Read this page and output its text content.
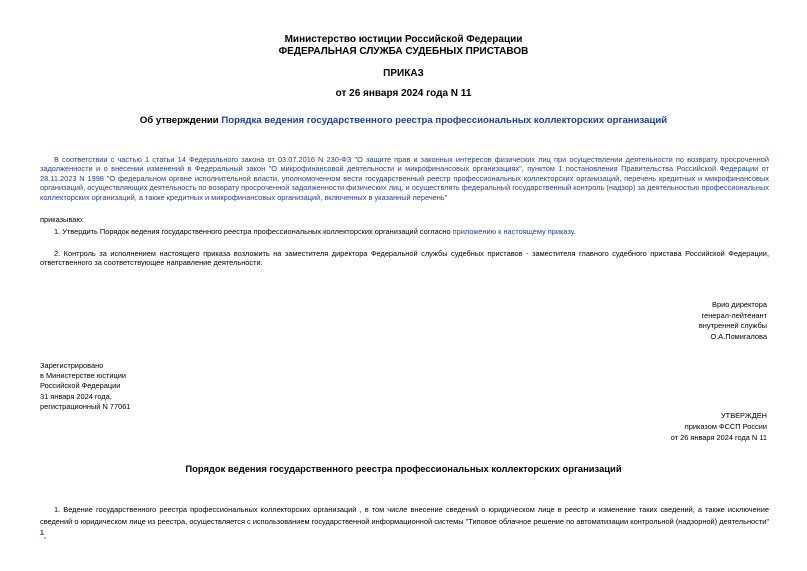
Министерство юстиции Российской Федерации
ФЕДЕРАЛЬНАЯ СЛУЖБА СУДЕБНЫХ ПРИСТАВОВ
ПРИКАЗ
от 26 января 2024 года N 11
Об утверждении Порядка ведения государственного реестра профессиональных коллекторских организаций
В соответствии с частью 1 статьи 14 Федерального закона от 03.07.2016 N 230-ФЗ "О защите прав и законных интересов физических лиц при осуществлении деятельности по возврату просроченной задолженности и о внесении изменений в Федеральный закон "О микрофинансовой деятельности и микрофинансовых организациях", пунктом 1 постановления Правительства Российской Федерации от 28.11.2023 N 1998 "О федеральном органе исполнительной власти, уполномоченном вести государственный реестр профессиональных коллекторских организаций, перечень кредитных и микрофинансовых организаций, осуществляющих деятельность по возврату просроченной задолженности физических лиц, и осуществлять федеральный государственный контроль (надзор) за деятельностью профессиональных коллекторских организаций, а также кредитных и микрофинансовых организаций, включенных в указанный перечень"
приказываю:
1. Утвердить Порядок ведения государственного реестра профессиональных коллекторских организаций согласно приложению к настоящему приказу.
2. Контроль за исполнением настоящего приказа возложить на заместителя директора Федеральной службы судебных приставов - заместителя главного судебного пристава Российской Федерации, ответственного за соответствующее направление деятельности.
Врио директора
генерал-лейтенант
внутренней службы
О.А.Помигалова
Зарегистрировано
в Министерстве юстиции
Российской Федерации
31 января 2024 года,
регистрационный N 77061
УТВЕРЖДЕН
приказом ФССП России
от 26 января 2024 года N 11
Порядок ведения государственного реестра профессиональных коллекторских организаций
1. Ведение государственного реестра профессиональных коллекторских организаций , в том числе внесение сведений о юридическом лице в реестр и изменение таких сведений, а также исключение сведений о юридическом лице из реестра, осуществляется с использованием государственной информационной системы "Типовое облачное решение по автоматизации контрольной (надзорной) деятельности" $^1$.
